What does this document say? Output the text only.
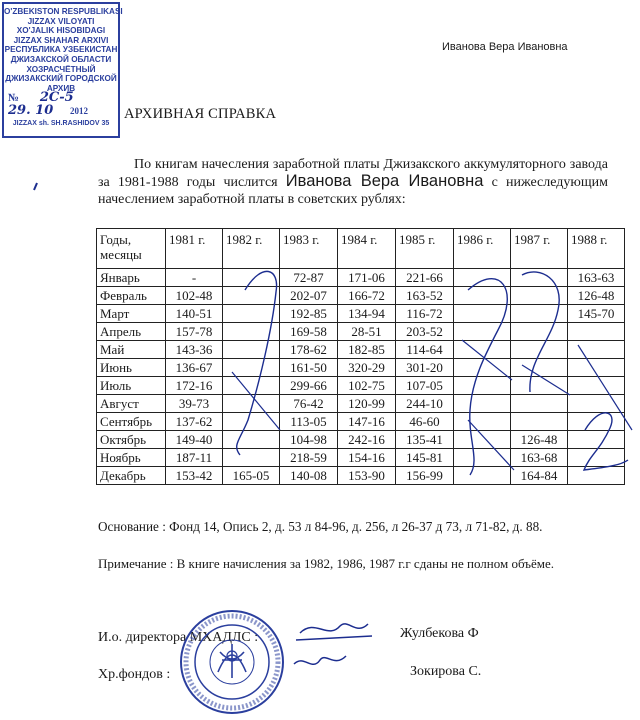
O'ZBEKISTON RESPUBLIKASI
JIZZAX VILOYATI
XO'JALIK HISOBIDAGI
JIZZAX SHAHAR ARXIVI
РЕСПУБЛИКА УЗБЕКИСТАН
ДЖИЗАКСКОЙ ОБЛАСТИ
ХОЗРАСЧЁТНЫЙ
ДЖИЗАКСКИЙ ГОРОДСКОЙ
АРХИВ
№ 2С-5
29. 10 2012
JIZZAX sh. SH.RASHIDOV 35
Иванова Вера Ивановна
АРХИВНАЯ СПРАВКА
По книгам начесления заработной платы Джизакского аккумуляторного завода за 1981-1988 годы числится Иванова Вера Ивановна с нижеследующим начеслением заработной платы в советских рублях:
Годы, месяцы	1981 г.	1982 г.	1983 г.	1984 г.	1985 г.	1986 г.	1987 г.	1988 г.
Январь	-		72-87	171-06	221-66			163-63
Февраль	102-48		202-07	166-72	163-52			126-48
Март	140-51		192-85	134-94	116-72			145-70
Апрель	157-78		169-58	28-51	203-52			
Май	143-36		178-62	182-85	114-64			
Июнь	136-67		161-50	320-29	301-20			
Июль	172-16		299-66	102-75	107-05			
Август	39-73		76-42	120-99	244-10			
Сентябрь	137-62		113-05	147-16	46-60			
Октябрь	149-40		104-98	242-16	135-41		126-48	
Ноябрь	187-11		218-59	154-16	145-81		163-68	
Декабрь	153-42	165-05	140-08	153-90	156-99		164-84	
Основание : Фонд 14, Опись 2, д. 53 л 84-96, д. 256, л 26-37 д 73, л 71-82, д. 88.
Примечание : В книге начисления за 1982, 1986, 1987 г.г сданы не полном объёме.
И.о. директора МХАДЛС :	Жулбекова Ф
Хр.фондов :	Зокирова С.
